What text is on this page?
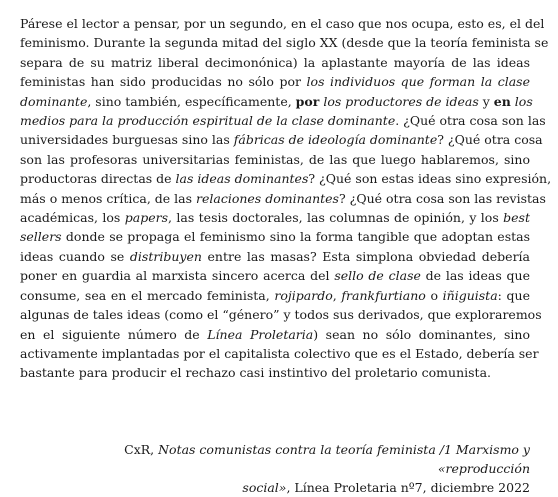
Párese el lector a pensar, por un segundo, en el caso que nos ocupa, esto es, el del
feminismo. Durante la segunda mitad del siglo XX (desde que la teoría feminista se
separa de su matriz liberal decimonónica) la aplastante mayoría de las ideas
feministas han sido producidas no sólo por los individuos que forman la clase
dominante, sino también, específicamente, por los productores de ideas y en los
medios para la producción espiritual de la clase dominante. ¿Qué otra cosa son las
universidades burguesas sino las fábricas de ideología dominante? ¿Qué otra cosa
son las profesoras universitarias feministas, de las que luego hablaremos, sino
productoras directas de las ideas dominantes? ¿Qué son estas ideas sino expresión,
más o menos crítica, de las relaciones dominantes? ¿Qué otra cosa son las revistas
académicas, los papers, las tesis doctorales, las columnas de opinión, y los best
sellers donde se propaga el feminismo sino la forma tangible que adoptan estas
ideas cuando se distribuyen entre las masas? Esta simplona obviedad debería
poner en guardia al marxista sincero acerca del sello de clase de las ideas que
consume, sea en el mercado feminista, rojipardo, frankfurtiano o iñiguista: que
algunas de tales ideas (como el “género” y todos sus derivados, que exploraremos
en el siguiente número de Línea Proletaria) sean no sólo dominantes, sino
activamente implantadas por el capitalista colectivo que es el Estado, debería ser
bastante para producir el rechazo casi instintivo del proletario comunista.
CxR, Notas comunistas contra la teoría feminista /1 Marxismo y «reproducción
social», Línea Proletaria nº7, diciembre 2022
